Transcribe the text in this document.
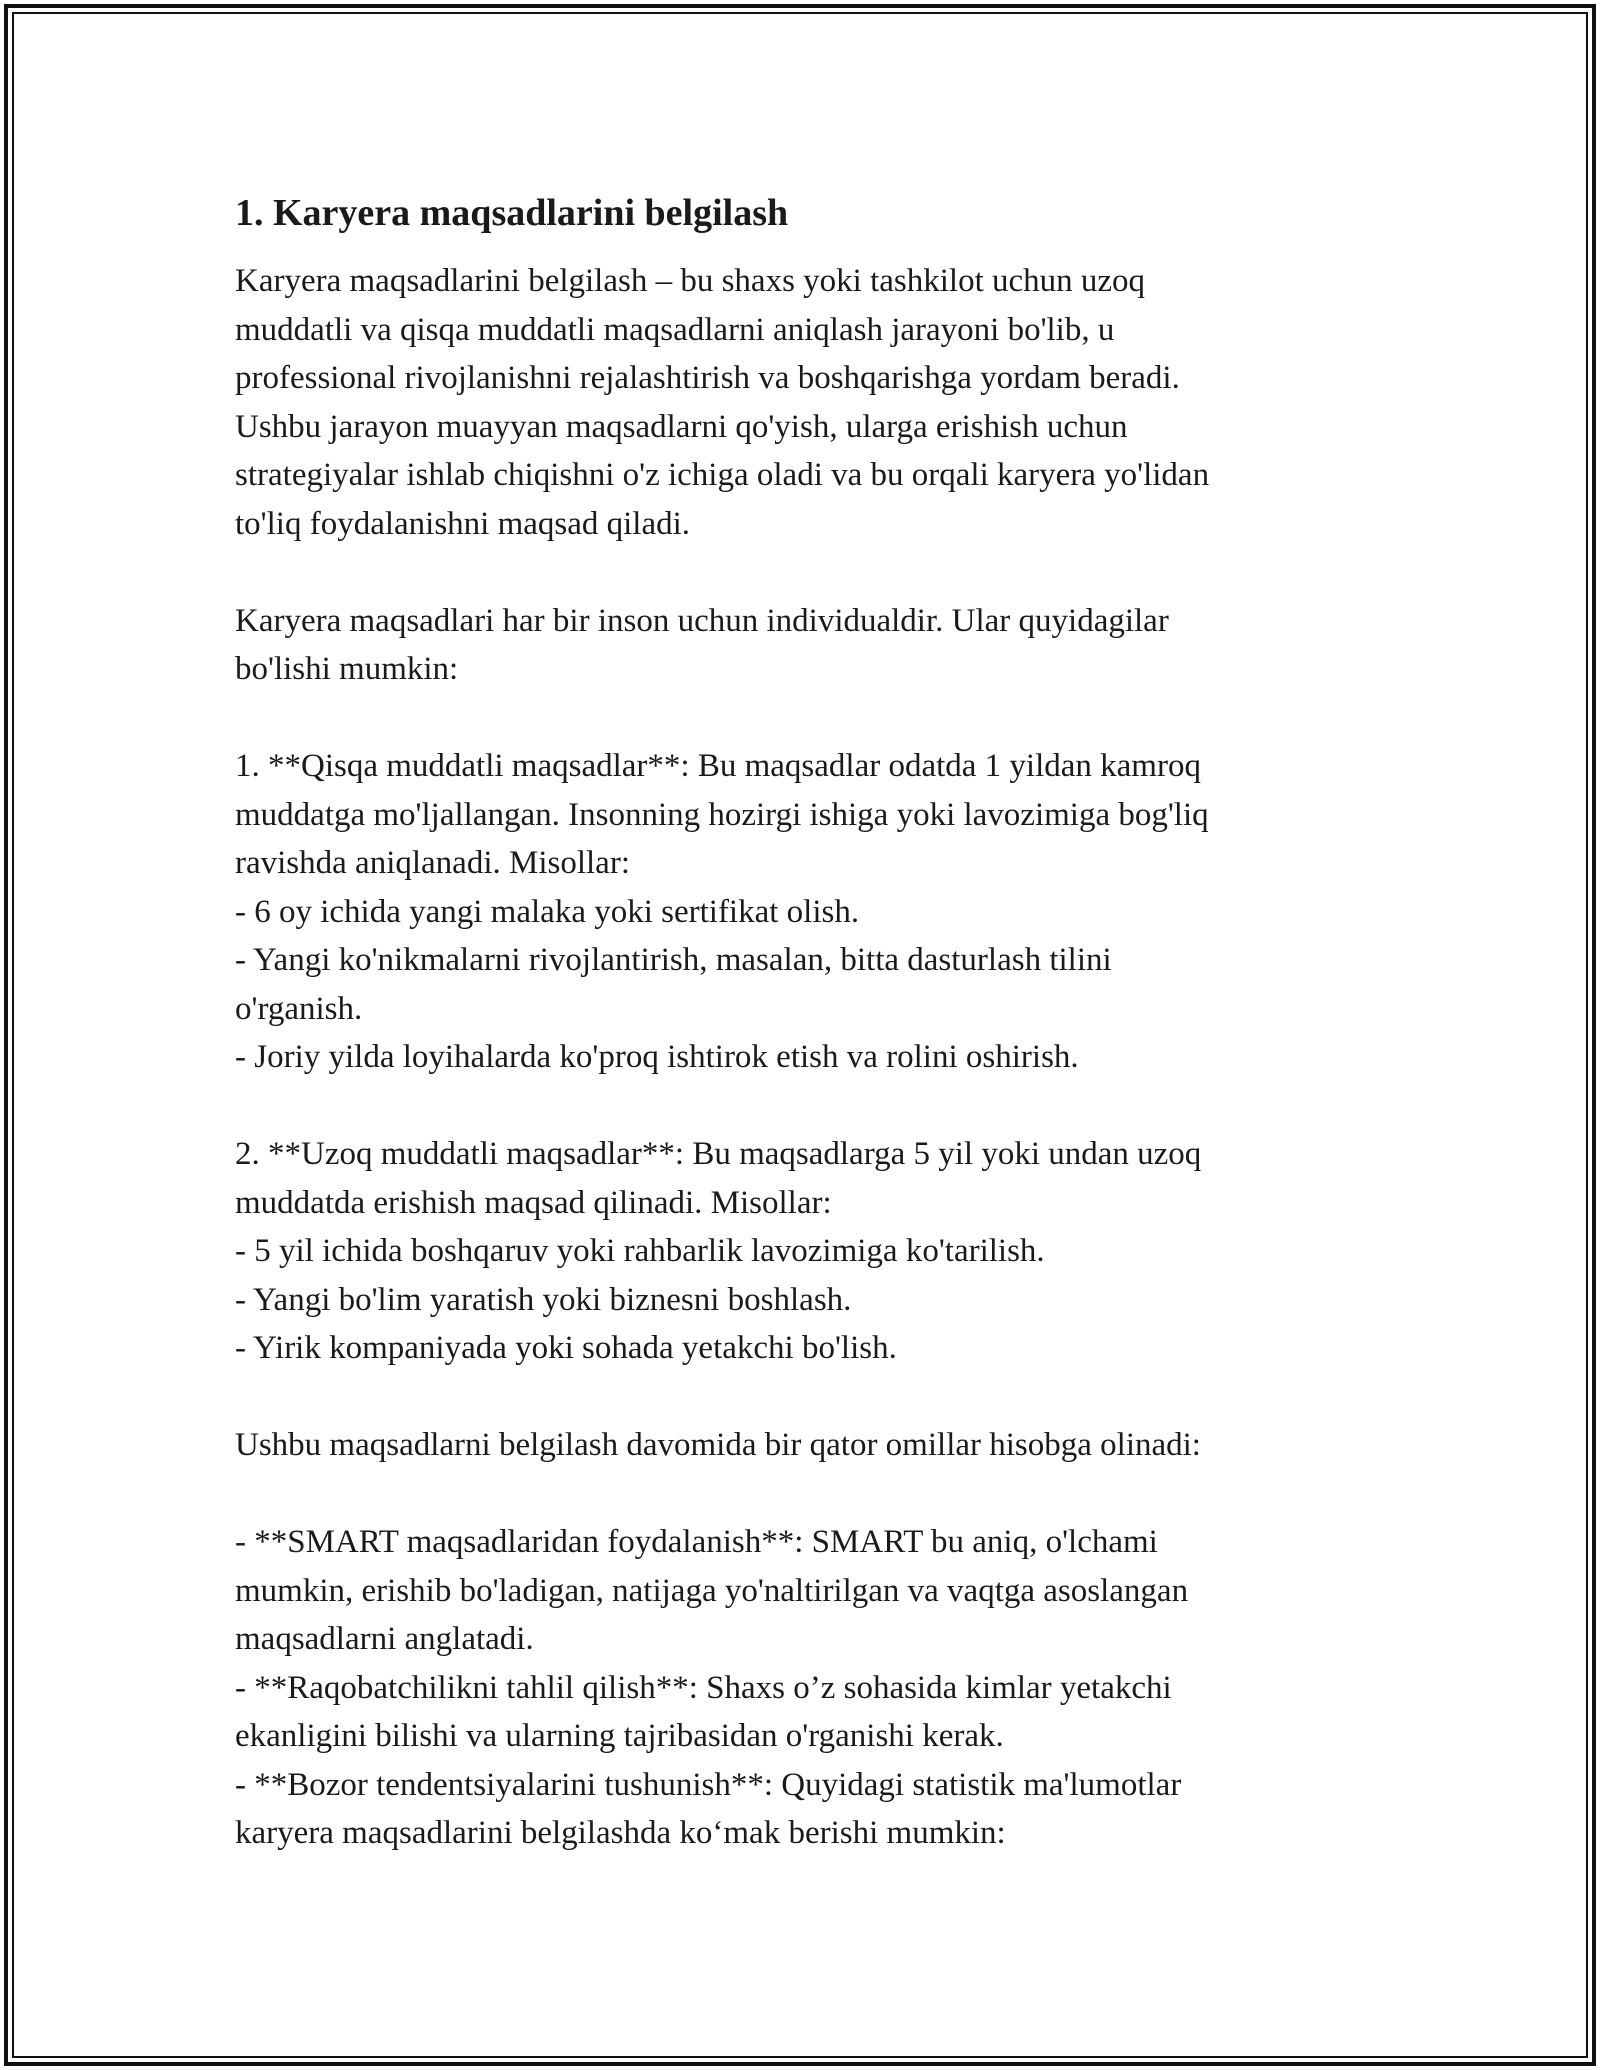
1. Karyera maqsadlarini belgilash

Karyera maqsadlarini belgilash – bu shaxs yoki tashkilot uchun uzoq
muddatli va qisqa muddatli maqsadlarni aniqlash jarayoni bo'lib, u
professional rivojlanishni rejalashtirish va boshqarishga yordam beradi.
Ushbu jarayon muayyan maqsadlarni qo'yish, ularga erishish uchun
strategiyalar ishlab chiqishni o'z ichiga oladi va bu orqali karyera yo'lidan
to'liq foydalanishni maqsad qiladi.

Karyera maqsadlari har bir inson uchun individualdir. Ular quyidagilar
bo'lishi mumkin:

1. **Qisqa muddatli maqsadlar**: Bu maqsadlar odatda 1 yildan kamroq
muddatga mo'ljallangan. Insonning hozirgi ishiga yoki lavozimiga bog'liq
ravishda aniqlanadi. Misollar:
- 6 oy ichida yangi malaka yoki sertifikat olish.
- Yangi ko'nikmalarni rivojlantirish, masalan, bitta dasturlash tilini
o'rganish.
- Joriy yilda loyihalarda ko'proq ishtirok etish va rolini oshirish.

2. **Uzoq muddatli maqsadlar**: Bu maqsadlarga 5 yil yoki undan uzoq
muddatda erishish maqsad qilinadi. Misollar:
- 5 yil ichida boshqaruv yoki rahbarlik lavozimiga ko'tarilish.
- Yangi bo'lim yaratish yoki biznesni boshlash.
- Yirik kompaniyada yoki sohada yetakchi bo'lish.

Ushbu maqsadlarni belgilash davomida bir qator omillar hisobga olinadi:

- **SMART maqsadlaridan foydalanish**: SMART bu aniq, o'lchami
mumkin, erishib bo'ladigan, natijaga yo'naltirilgan va vaqtga asoslangan
maqsadlarni anglatadi.
- **Raqobatchilikni tahlil qilish**: Shaxs o’z sohasida kimlar yetakchi
ekanligini bilishi va ularning tajribasidan o'rganishi kerak.
- **Bozor tendentsiyalarini tushunish**: Quyidagi statistik ma'lumotlar
karyera maqsadlarini belgilashda ko‘mak berishi mumkin:
